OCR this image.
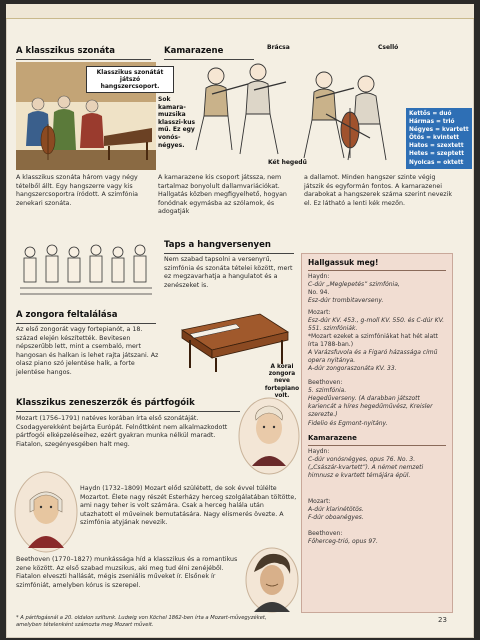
A klasszikus szonáta
Klasszikus szonátát játszó hangszercsoport.

A klasszikus szonáta három vagy négy tételből állt. Egy hangszerre vagy kis hangszercsoportra íródott. A szimfónia zenekari szonáta.

Kamarazene	Brácsa	Cselló
Két hegedű

Sok kamara-muzsika klasszi-kus mű. Ez egy vonós-négyes.

Kettős = duó
Hármas = trió
Négyes = kvartett
Ötös = kvintett
Hatos = szextett
Hetes = szeptett
Nyolcas = oktett

A kamarazene kis csoport játssza, nem tartalmaz bonyolult dallamvariációkat. Hallgatás közben megfigyelhető, hogyan fonódnak egymásba az szólamok, és adogatják

a dallamot. Minden hangszer szinte végig játszik és egyformán fontos. A kamarazenei darabokat a hangszerek száma szerint nevezik el. Ez látható a lenti kék mezőn.

Taps a hangversenyen

Nem szabad tapsolni a versenyrű, szimfónia és szonáta tételei között, mert ez megzavarhatja a hangulatot és a zenészeket is.

A zongora feltalálása

Az első zongorát vagy fortepianót, a 18. század elején készítették. Bevitesen népszerűbb lett, mint a csembaló, mert hangosan és halkan is lehet rajta játszani. Az olasz piano szó jelentése halk, a forte jelentése hangos.

A korai zongora neve fortepiano volt.

Klasszikus zeneszerzők és pártfogóik

Mozart (1756–1791) natéves korában írta első szonátáját. Csodagyerekként bejárta Európát. Felnőttként nem alkalmazkodott pártfogói elképzeléseihez, ezért gyakran munka nélkül maradt. Fiatalon, szegényesgében halt meg.

Haydn (1732–1809) Mozart előd szülétett, de sok évvel túlélte Mozartot. Élete nagy részét Esterházy herceg szolgálatában töltötte, ami nagy teher is volt számára. Csak a herceg halála után utazhatott el műveinek bemutatására. Nagy elismerés övezte. A szimfónia atyjának nevezik.

Beethoven (1770–1827) munkássága híd a klasszikus és a romantikus zene között. Az első szabad muzsikus, aki meg tud élni zenéjéből. Fiatalon elveszti hallását, mégis zseniális műveket ír. Elsőnek ír szimfóniát, amelyben kórus is szerepel.

* A pártfogásnál a 20. oldalon sziltunk. Ludwig von Köchel 1862-ben írta a Mozart-művegyzéket, amelyben tételenként számozta meg Mozart műveit.

Hallgassuk meg!

Haydn:

C-dúr „Meglepetés” szimfónia,

No. 94.

Esz-dúr trombitaverseny.

Mozart:

Esz-dúr KV. 453., g-moll KV. 550. és C-dúr KV. 551. szimfóniák.

*Mozart ezeket a szimfóniákat hat hét alatt írta 1788-ban.)

A Varázsfuvola és a Figaró házassága című opera nyitánya.

A-dúr zongoraszonáta KV. 33.

Beethoven:

5. szimfónia.

Hegedűverseny. (A darabban játszott kariencát a híres hegedűművész, Kreisler szerezte.)

Fidelio és Egmont-nyitány.

Kamarazene

Haydn:

C-dúr vonósnégyes, opus 76. No. 3. („Császár-kvartett”). A német nemzeti himnusz e kvartett témájára épül.

Mozart:

A-dúr klarinétötös.

F-dúr oboanégyes.

Beethoven:

Főherceg-trió, opus 97.

23
